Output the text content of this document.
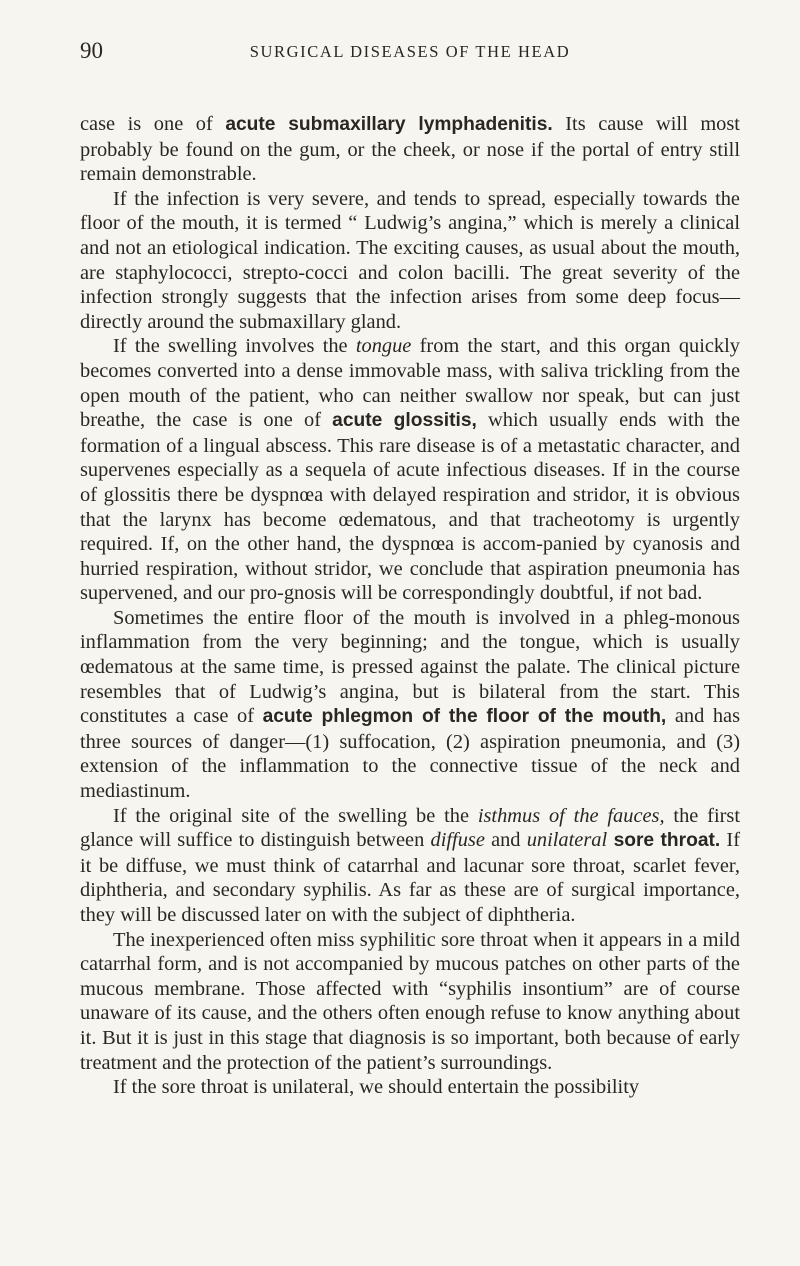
90	SURGICAL DISEASES OF THE HEAD

case is one of acute submaxillary lymphadenitis. Its cause will most probably be found on the gum, or the cheek, or nose if the portal of entry still remain demonstrable.

If the infection is very severe, and tends to spread, especially towards the floor of the mouth, it is termed “ Ludwig’s angina,” which is merely a clinical and not an etiological indication. The exciting causes, as usual about the mouth, are staphylococci, strepto-cocci and colon bacilli. The great severity of the infection strongly suggests that the infection arises from some deep focus—directly around the submaxillary gland.

If the swelling involves the tongue from the start, and this organ quickly becomes converted into a dense immovable mass, with saliva trickling from the open mouth of the patient, who can neither swallow nor speak, but can just breathe, the case is one of acute glossitis, which usually ends with the formation of a lingual abscess. This rare disease is of a metastatic character, and supervenes especially as a sequela of acute infectious diseases. If in the course of glossitis there be dyspnœa with delayed respiration and stridor, it is obvious that the larynx has become œdematous, and that tracheotomy is urgently required. If, on the other hand, the dyspnœa is accom-panied by cyanosis and hurried respiration, without stridor, we conclude that aspiration pneumonia has supervened, and our pro-gnosis will be correspondingly doubtful, if not bad.

Sometimes the entire floor of the mouth is involved in a phleg-monous inflammation from the very beginning; and the tongue, which is usually œdematous at the same time, is pressed against the palate. The clinical picture resembles that of Ludwig’s angina, but is bilateral from the start. This constitutes a case of acute phlegmon of the floor of the mouth, and has three sources of danger—(1) suffocation, (2) aspiration pneumonia, and (3) extension of the inflammation to the connective tissue of the neck and mediastinum.

If the original site of the swelling be the isthmus of the fauces, the first glance will suffice to distinguish between diffuse and unilateral sore throat. If it be diffuse, we must think of catarrhal and lacunar sore throat, scarlet fever, diphtheria, and secondary syphilis. As far as these are of surgical importance, they will be discussed later on with the subject of diphtheria.

The inexperienced often miss syphilitic sore throat when it appears in a mild catarrhal form, and is not accompanied by mucous patches on other parts of the mucous membrane. Those affected with “syphilis insontium” are of course unaware of its cause, and the others often enough refuse to know anything about it. But it is just in this stage that diagnosis is so important, both because of early treatment and the protection of the patient’s surroundings.

If the sore throat is unilateral, we should entertain the possibility
